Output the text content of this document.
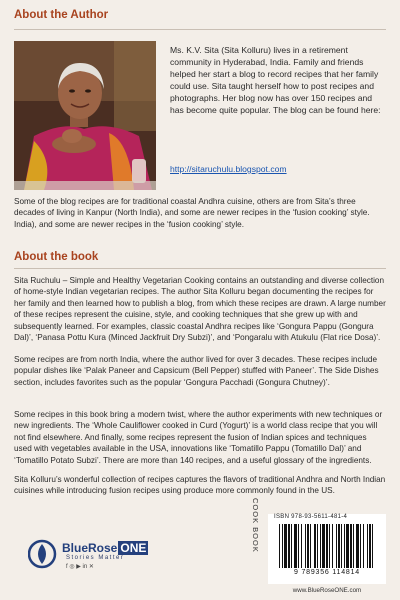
About the Author
Ms. K.V. Sita (Sita Kolluru) lives in a retirement community in Hyderabad, India. Family and friends helped her start a blog to record recipes that her family could use. Sita taught herself how to post recipes and photographs. Her blog now has over 150 recipes and has become quite popular. The blog can be found here:
http://sitaruchulu.blogspot.com
Some of the blog recipes are for traditional coastal Andhra cuisine, others are from Sita’s three decades of living in Kanpur (North India), and some are newer recipes in the ‘fusion cooking’ style. India), and some are newer recipes in the ‘fusion cooking’ style.
About the book
Sita Ruchulu – Simple and Healthy Vegetarian Cooking contains an outstanding and diverse collection of home-style Indian vegetarian recipes. The author Sita Kolluru began documenting the recipes for her family and then learned how to publish a blog, from which these recipes are drawn. A large number of these recipes represent the cuisine, style, and cooking techniques that she grew up with and subsequently learned. For examples, classic coastal Andhra recipes like ‘Gongura Pappu (Gongura Dal)’, ‘Panasa Pottu Kura (Minced Jackfruit Dry Subzi)’, and ‘Pongaralu with Atukulu (Flat rice Dosa)’.
Some recipes are from north India, where the author lived for over 3 decades. These recipes include popular dishes like ‘Palak Paneer and Capsicum (Bell Pepper) stuffed with Paneer’. The Side Dishes section, includes favorites such as the popular ‘Gongura Pacchadi (Gongura Chutney)’.
Some recipes in this book bring a modern twist, where the author experiments with new techniques or new ingredients. The ‘Whole Cauliflower cooked in Curd (Yogurt)’ is a world class recipe that you will not find elsewhere. And finally, some recipes represent the fusion of Indian spices and techniques used with vegetables available in the USA, innovations like ‘Tomatillo Pappu (Tomatillo Dal)’ and ‘Tomatillo Potato Subzi’. There are more than 140 recipes, and a useful glossary of the ingredients.
Sita Kolluru’s wonderful collection of recipes captures the flavors of traditional Andhra and North Indian cuisines while introducing fusion recipes using produce more commonly found in the US.
BlueRose ONE
Stories Matter
f ◎ ▶ in ✕
COOK BOOK ISBN 978-93-5611-481-4
9 789356 114814
www.BlueRoseONE.com
